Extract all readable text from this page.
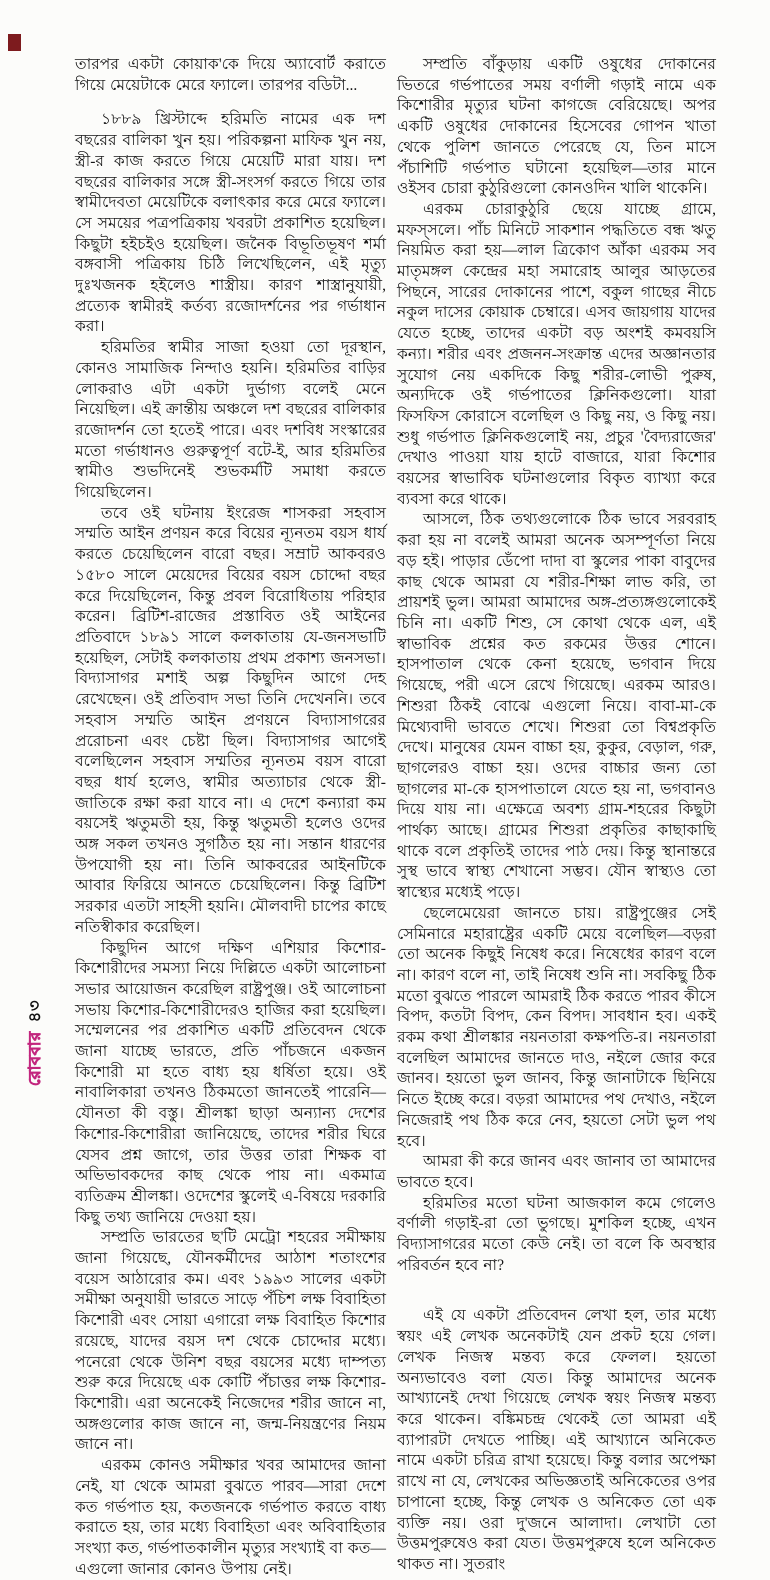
তারপর একটা কোয়াক'কে দিয়ে অ্যাবোর্ট করাতে গিয়ে মেয়েটাকে মেরে ফ্যালে। তারপর বডিটা...

১৮৮৯ খ্রিস্টাব্দে হরিমতি নামের এক দশ বছরের বালিকা খুন হয়। পরিকল্পনা মাফিক খুন নয়, স্ত্রী-র কাজ করতে গিয়ে মেয়েটি মারা যায়। দশ বছরের বালিকার সঙ্গে স্ত্রী-সংসর্গ করতে গিয়ে তার স্বামীদেবতা মেয়েটিকে বলাৎকার করে মেরে ফ্যালে। সে সময়ের পত্রপত্রিকায় খবরটা প্রকাশিত হয়েছিল। কিছুটা হইচইও হয়েছিল। জনৈক বিভূতিভূষণ শর্মা বঙ্গবাসী পত্রিকায় চিঠি লিখেছিলেন, এই মৃত্যু দুঃখজনক হইলেও শাস্ত্রীয়। কারণ শাস্ত্রানুযায়ী, প্রত্যেক স্বামীরই কর্তব্য রজোদর্শনের পর গর্ভাধান করা।

হরিমতির স্বামীর সাজা হওয়া তো দূরস্থান, কোনও সামাজিক নিন্দাও হয়নি। হরিমতির বাড়ির লোকরাও এটা একটা দুর্ভাগ্য বলেই মেনে নিয়েছিল। এই ক্রান্তীয় অঞ্চলে দশ বছরের বালিকার রজোদর্শন তো হতেই পারে। এবং দশবিধ সংস্কারের মতো গর্ভাধানও গুরুত্বপূর্ণ বটে-ই, আর হরিমতির স্বামীও শুভদিনেই শুভকর্মটি সমাধা করতে গিয়েছিলেন।

তবে ওই ঘটনায় ইংরেজ শাসকরা সহবাস সম্মতি আইন প্রণয়ন করে বিয়ের ন্যূনতম বয়স ধার্য করতে চেয়েছিলেন বারো বছর। সম্রাট আকবরও ১৫৮০ সালে মেয়েদের বিয়ের বয়স চোদ্দো বছর করে দিয়েছিলেন, কিন্তু প্রবল বিরোধিতায় পরিহার করেন। ব্রিটিশ-রাজের প্রস্তাবিত ওই আইনের প্রতিবাদে ১৮৯১ সালে কলকাতায় যে-জনসভাটি হয়েছিল, সেটাই কলকাতায় প্রথম প্রকাশ্য জনসভা। বিদ্যাসাগর মশাই অল্প কিছুদিন আগে দেহ রেখেছেন। ওই প্রতিবাদ সভা তিনি দেখেননি। তবে সহবাস সম্মতি আইন প্রণয়নে বিদ্যাসাগরের প্ররোচনা এবং চেষ্টা ছিল। বিদ্যাসাগর আগেই বলেছিলেন সহবাস সম্মতির ন্যূনতম বয়স বারো বছর ধার্য হলেও, স্বামীর অত্যাচার থেকে স্ত্রী-জাতিকে রক্ষা করা যাবে না। এ দেশে কন্যারা কম বয়সেই ঋতুমতী হয়, কিন্তু ঋতুমতী হলেও ওদের অঙ্গ সকল তখনও সুগঠিত হয় না। সন্তান ধারণের উপযোগী হয় না। তিনি আকবরের আইনটিকে আবার ফিরিয়ে আনতে চেয়েছিলেন। কিন্তু ব্রিটিশ সরকার এতটা সাহসী হয়নি। মৌলবাদী চাপের কাছে নতিস্বীকার করেছিল।

কিছুদিন আগে দক্ষিণ এশিয়ার কিশোর-কিশোরীদের সমস্যা নিয়ে দিল্লিতে একটা আলোচনা সভার আয়োজন করেছিল রাষ্ট্রপুঞ্জ। ওই আলোচনা সভায় কিশোর-কিশোরীদেরও হাজির করা হয়েছিল। সম্মেলনের পর প্রকাশিত একটি প্রতিবেদন থেকে জানা যাচ্ছে ভারতে, প্রতি পাঁচজনে একজন কিশোরী মা হতে বাধ্য হয় ধর্ষিতা হয়ে। ওই নাবালিকারা তখনও ঠিকমতো জানতেই পারেনি—যৌনতা কী বস্তু। শ্রীলঙ্কা ছাড়া অন্যান্য দেশের কিশোর-কিশোরীরা জানিয়েছে, তাদের শরীর ঘিরে যেসব প্রশ্ন জাগে, তার উত্তর তারা শিক্ষক বা অভিভাবকদের কাছ থেকে পায় না। একমাত্র ব্যতিক্রম শ্রীলঙ্কা। ওদেশের স্কুলেই এ-বিষয়ে দরকারি কিছু তথ্য জানিয়ে দেওয়া হয়।

সম্প্রতি ভারতের ছ'টি মেট্রো শহরের সমীক্ষায় জানা গিয়েছে, যৌনকর্মীদের আঠাশ শতাংশের বয়েস আঠারোর কম। এবং ১৯৯৩ সালের একটা সমীক্ষা অনুযায়ী ভারতে সাড়ে পঁচিশ লক্ষ বিবাহিতা কিশোরী এবং সোয়া এগারো লক্ষ বিবাহিত কিশোর রয়েছে, যাদের বয়স দশ থেকে চোদ্দোর মধ্যে। পনেরো থেকে উনিশ বছর বয়সের মধ্যে দাম্পত্য শুরু করে দিয়েছে এক কোটি পঁচাত্তর লক্ষ কিশোর-কিশোরী। এরা অনেকেই নিজেদের শরীর জানে না, অঙ্গগুলোর কাজ জানে না, জন্ম-নিয়ন্ত্রণের নিয়ম জানে না।

এরকম কোনও সমীক্ষার খবর আমাদের জানা নেই, যা থেকে আমরা বুঝতে পারব—সারা দেশে কত গর্ভপাত হয়, কতজনকে গর্ভপাত করতে বাধ্য করাতে হয়, তার মধ্যে বিবাহিতা এবং অবিবাহিতার সংখ্যা কত, গর্ভপাতকালীন মৃত্যুর সংখ্যাই বা কত—এগুলো জানার কোনও উপায় নেই।

সম্প্রতি বাঁকুড়ায় একটি ওষুধের দোকানের ভিতরে গর্ভপাতের সময় বর্ণালী গড়াই নামে এক কিশোরীর মৃত্যুর ঘটনা কাগজে বেরিয়েছে। অপর একটি ওষুধের দোকানের হিসেবের গোপন খাতা থেকে পুলিশ জানতে পেরেছে যে, তিন মাসে পঁচাশিটি গর্ভপাত ঘটানো হয়েছিল—তার মানে ওইসব চোরা কুঠুরিগুলো কোনওদিন খালি থাকেনি।

এরকম চোরাকুঠুরি ছেয়ে যাচ্ছে গ্রামে, মফস্সলে। পাঁচ মিনিটে সাকশান পদ্ধতিতে বন্ধ ঋতু নিয়মিত করা হয়—লাল ত্রিকোণ আঁকা এরকম সব মাতৃমঙ্গল কেন্দ্রের মহা সমারোহ আলুর আড়তের পিছনে, সারের দোকানের পাশে, বকুল গাছের নীচে নকুল দাসের কোয়াক চেম্বারে। এসব জায়গায় যাদের যেতে হচ্ছে, তাদের একটা বড় অংশই কমবয়সি কন্যা। শরীর এবং প্রজনন-সংক্রান্ত এদের অজ্ঞানতার সুযোগ নেয় একদিকে কিছু শরীর-লোভী পুরুষ, অন্যদিকে ওই গর্ভপাতের ক্লিনিকগুলো। যারা ফিসফিস কোরাসে বলেছিল ও কিছু নয়, ও কিছু নয়। শুধু গর্ভপাত ক্লিনিকগুলোই নয়, প্রচুর 'বৈদ্যরাজের' দেখাও পাওয়া যায় হাটে বাজারে, যারা কিশোর বয়সের স্বাভাবিক ঘটনাগুলোর বিকৃত ব্যাখ্যা করে ব্যবসা করে থাকে।

আসলে, ঠিক তথ্যগুলোকে ঠিক ভাবে সরবরাহ করা হয় না বলেই আমরা অনেক অসম্পূর্ণতা নিয়ে বড় হই। পাড়ার ডেঁপো দাদা বা স্কুলের পাকা বাবুদের কাছ থেকে আমরা যে শরীর-শিক্ষা লাভ করি, তা প্রায়শই ভুল। আমরা আমাদের অঙ্গ-প্রত্যঙ্গগুলোকেই চিনি না। একটি শিশু, সে কোথা থেকে এল, এই স্বাভাবিক প্রশ্নের কত রকমের উত্তর শোনে। হাসপাতাল থেকে কেনা হয়েছে, ভগবান দিয়ে গিয়েছে, পরী এসে রেখে গিয়েছে। এরকম আরও। শিশুরা ঠিকই বোঝে এগুলো নিয়ে। বাবা-মা-কে মিথ্যেবাদী ভাবতে শেখে। শিশুরা তো বিশ্বপ্রকৃতি দেখে। মানুষের যেমন বাচ্চা হয়, কুকুর, বেড়াল, গরু, ছাগলেরও বাচ্চা হয়। ওদের বাচ্চার জন্য তো ছাগলের মা-কে হাসপাতালে যেতে হয় না, ভগবানও দিয়ে যায় না। এক্ষেত্রে অবশ্য গ্রাম-শহরের কিছুটা পার্থক্য আছে। গ্রামের শিশুরা প্রকৃতির কাছাকাছি থাকে বলে প্রকৃতিই তাদের পাঠ দেয়। কিন্তু স্থানান্তরে সুস্থ ভাবে স্বাস্থ্য শেখানো সম্ভব। যৌন স্বাস্থ্যও তো স্বাস্থ্যের মধ্যেই পড়ে।

ছেলেমেয়েরা জানতে চায়। রাষ্ট্রপুঞ্জের সেই সেমিনারে মহারাষ্ট্রের একটি মেয়ে বলেছিল—বড়রা তো অনেক কিছুই নিষেধ করে। নিষেধের কারণ বলে না। কারণ বলে না, তাই নিষেধ শুনি না। সবকিছু ঠিক মতো বুঝতে পারলে আমরাই ঠিক করতে পারব কীসে বিপদ, কতটা বিপদ, কেন বিপদ। সাবধান হব। একই রকম কথা শ্রীলঙ্কার নয়নতারা কক্ষপতি-র। নয়নতারা বলেছিল আমাদের জানতে দাও, নইলে জোর করে জানব। হয়তো ভুল জানব, কিন্তু জানাটাকে ছিনিয়ে নিতে ইচ্ছে করে। বড়রা আমাদের পথ দেখাও, নইলে নিজেরাই পথ ঠিক করে নেব, হয়তো সেটা ভুল পথ হবে।

আমরা কী করে জানব এবং জানাব তা আমাদের ভাবতে হবে।

হরিমতির মতো ঘটনা আজকাল কমে গেলেও বর্ণালী গড়াই-রা তো ভুগছে। মুশকিল হচ্ছে, এখন বিদ্যাসাগরের মতো কেউ নেই। তা বলে কি অবস্থার পরিবর্তন হবে না?

এই যে একটা প্রতিবেদন লেখা হল, তার মধ্যে স্বয়ং এই লেখক অনেকটাই যেন প্রকট হয়ে গেল। লেখক নিজস্ব মন্তব্য করে ফেলল। হয়তো অন্যভাবেও বলা যেত। কিন্তু আমাদের অনেক আখ্যানেই দেখা গিয়েছে লেখক স্বয়ং নিজস্ব মন্তব্য করে থাকেন। বঙ্কিমচন্দ্র থেকেই তো আমরা এই ব্যাপারটা দেখতে পাচ্ছি। এই আখ্যানে অনিকেত নামে একটা চরিত্র রাখা হয়েছে। কিন্তু বলার অপেক্ষা রাখে না যে, লেখকের অভিজ্ঞতাই অনিকেতের ওপর চাপানো হচ্ছে, কিন্তু লেখক ও অনিকেত তো এক ব্যক্তি নয়। ওরা দু'জনে আলাদা। লেখাটা তো উত্তমপুরুষেও করা যেত। উত্তমপুরুষে হলে অনিকেত থাকত না। সুতরাং

রোববার
৪৩
